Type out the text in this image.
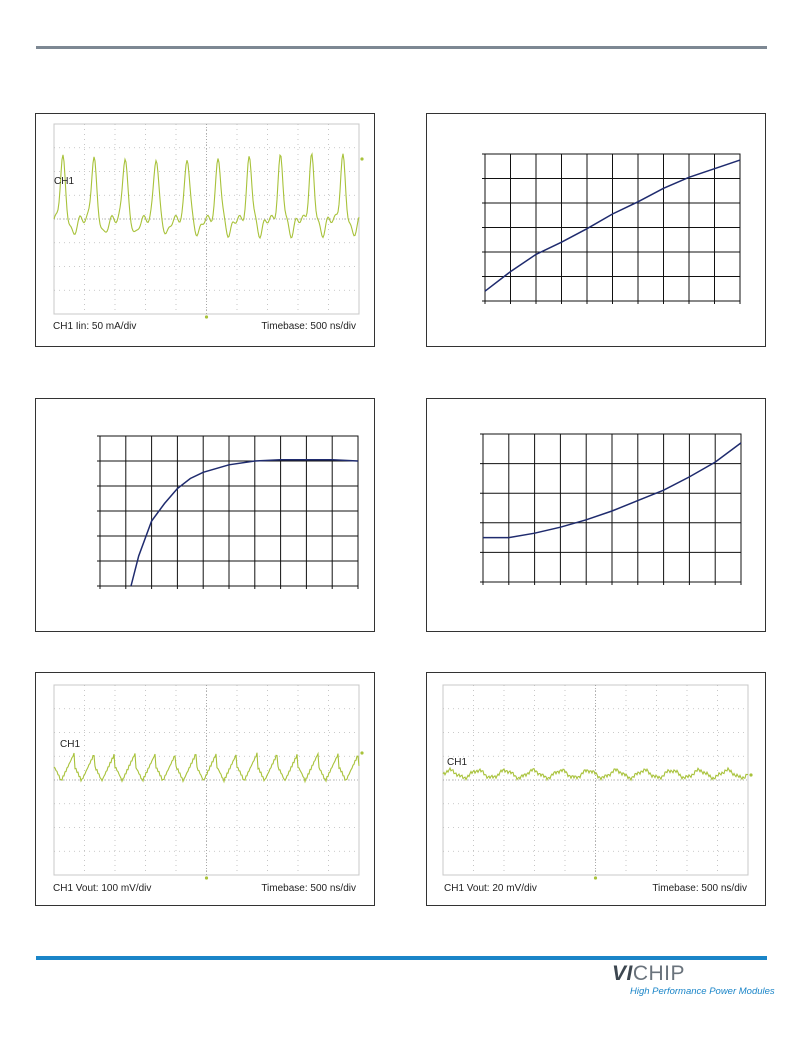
CH1
CH1 Iin: 50 mA/div	Timebase: 500 ns/div
CH1
CH1 Vout: 100 mV/div	Timebase: 500 ns/div
CH1
CH1 Vout: 20 mV/div	Timebase: 500 ns/div
VICHIP
High Performance Power Modules
